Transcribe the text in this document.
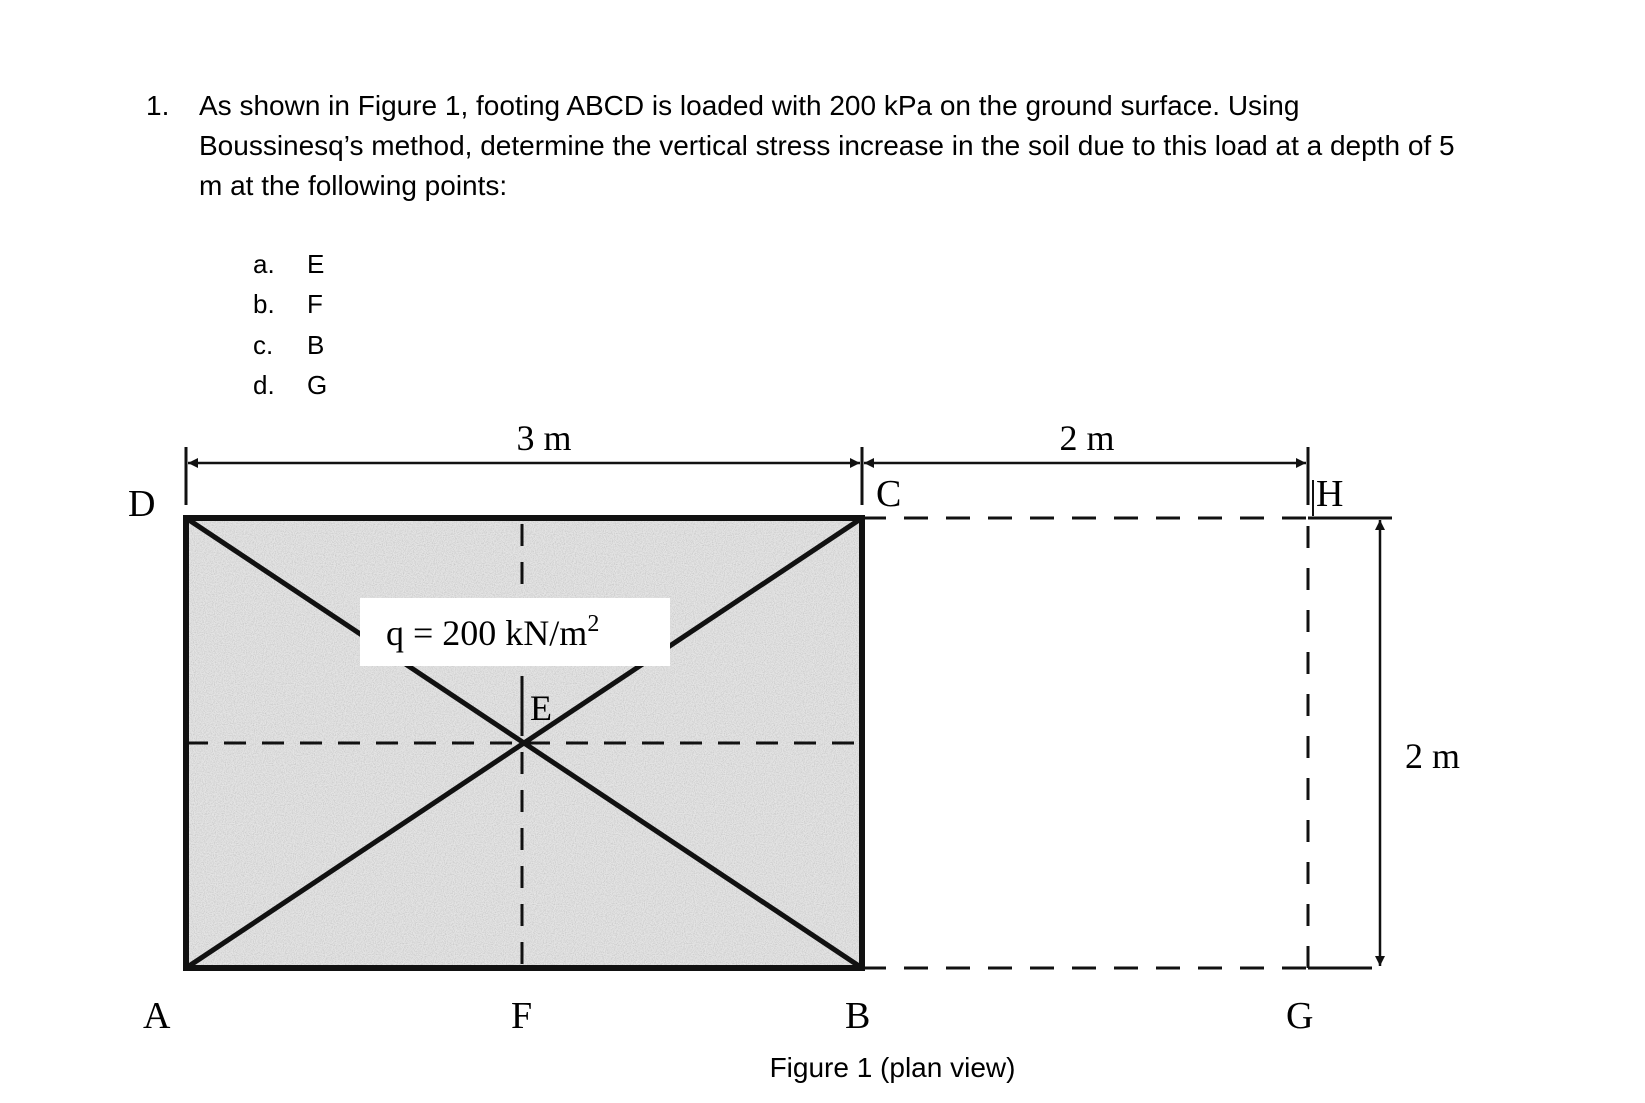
1. As shown in Figure 1, footing ABCD is loaded with 200 kPa on the ground surface. Using Boussinesq’s method, determine the vertical stress increase in the soil due to this load at a depth of 5 m at the following points:
a. E
b. F
c. B
d. G
q = 200 $kN/m^2$
3 m	2 m
2 m
D	C	H
E
A	F	B	G
Figure 1 (plan view)
